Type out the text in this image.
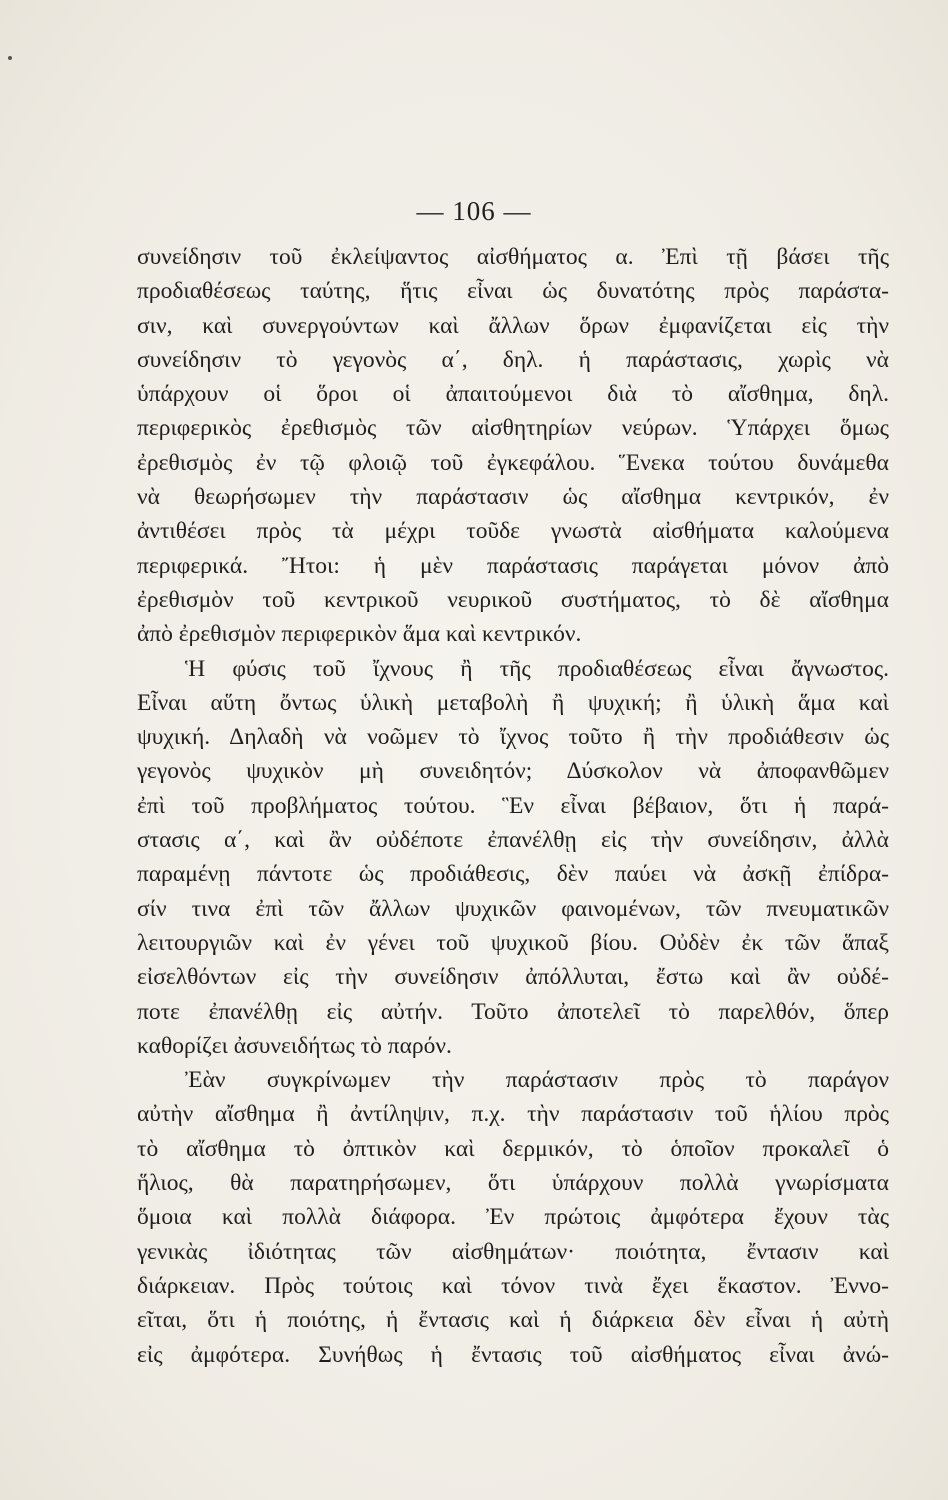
— 106 —
συνείδησιν τοῦ ἐκλείψαντος αἰσθήματος α. Ἐπὶ τῇ βάσει τῆς
προδιαθέσεως ταύτης, ἥτις εἶναι ὡς δυνατότης πρὸς παράστα-
σιν, καὶ συνεργούντων καὶ ἄλλων ὅρων ἐμφανίζεται εἰς τὴν
συνείδησιν τὸ γεγονὸς α΄, δηλ. ἡ παράστασις, χωρὶς νὰ
ὑπάρχουν οἱ ὅροι οἱ ἀπαιτούμενοι διὰ τὸ αἴσθημα, δηλ.
περιφερικὸς ἐρεθισμὸς τῶν αἰσθητηρίων νεύρων. Ὑπάρχει ὅμως
ἐρεθισμὸς ἐν τῷ φλοιῷ τοῦ ἐγκεφάλου. Ἕνεκα τούτου δυνάμεθα
νὰ θεωρήσωμεν τὴν παράστασιν ὡς αἴσθημα κεντρικόν, ἐν
ἀντιθέσει πρὸς τὰ μέχρι τοῦδε γνωστὰ αἰσθήματα καλούμενα
περιφερικά. Ἤτοι: ἡ μὲν παράστασις παράγεται μόνον ἀπὸ
ἐρεθισμὸν τοῦ κεντρικοῦ νευρικοῦ συστήματος, τὸ δὲ αἴσθημα
ἀπὸ ἐρεθισμὸν περιφερικὸν ἅμα καὶ κεντρικόν.
Ἡ φύσις τοῦ ἴχνους ἢ τῆς προδιαθέσεως εἶναι ἄγνωστος.
Εἶναι αὕτη ὄντως ὑλικὴ μεταβολὴ ἢ ψυχική; ἢ ὑλικὴ ἅμα καὶ
ψυχική. Δηλαδὴ νὰ νοῶμεν τὸ ἴχνος τοῦτο ἢ τὴν προδιάθεσιν ὡς
γεγονὸς ψυχικὸν μὴ συνειδητόν; Δύσκολον νὰ ἀποφανθῶμεν
ἐπὶ τοῦ προβλήματος τούτου. Ἓν εἶναι βέβαιον, ὅτι ἡ παρά-
στασις α΄, καὶ ἂν οὐδέποτε ἐπανέλθῃ εἰς τὴν συνείδησιν, ἀλλὰ
παραμένῃ πάντοτε ὡς προδιάθεσις, δὲν παύει νὰ ἀσκῇ ἐπίδρα-
σίν τινα ἐπὶ τῶν ἄλλων ψυχικῶν φαινομένων, τῶν πνευματικῶν
λειτουργιῶν καὶ ἐν γένει τοῦ ψυχικοῦ βίου. Οὐδὲν ἐκ τῶν ἅπαξ
εἰσελθόντων εἰς τὴν συνείδησιν ἀπόλλυται, ἔστω καὶ ἂν οὐδέ-
ποτε ἐπανέλθῃ εἰς αὐτήν. Τοῦτο ἀποτελεῖ τὸ παρελθόν, ὅπερ
καθορίζει ἀσυνειδήτως τὸ παρόν.
Ἐὰν συγκρίνωμεν τὴν παράστασιν πρὸς τὸ παράγον
αὐτὴν αἴσθημα ἢ ἀντίληψιν, π.χ. τὴν παράστασιν τοῦ ἡλίου πρὸς
τὸ αἴσθημα τὸ ὀπτικὸν καὶ δερμικόν, τὸ ὁποῖον προκαλεῖ ὁ
ἥλιος, θὰ παρατηρήσωμεν, ὅτι ὑπάρχουν πολλὰ γνωρίσματα
ὅμοια καὶ πολλὰ διάφορα. Ἐν πρώτοις ἀμφότερα ἔχουν τὰς
γενικὰς ἰδιότητας τῶν αἰσθημάτων· ποιότητα, ἔντασιν καὶ
διάρκειαν. Πρὸς τούτοις καὶ τόνον τινὰ ἔχει ἕκαστον. Ἐννο-
εῖται, ὅτι ἡ ποιότης, ἡ ἔντασις καὶ ἡ διάρκεια δὲν εἶναι ἡ αὐτὴ
εἰς ἀμφότερα. Συνήθως ἡ ἔντασις τοῦ αἰσθήματος εἶναι ἀνώ-
